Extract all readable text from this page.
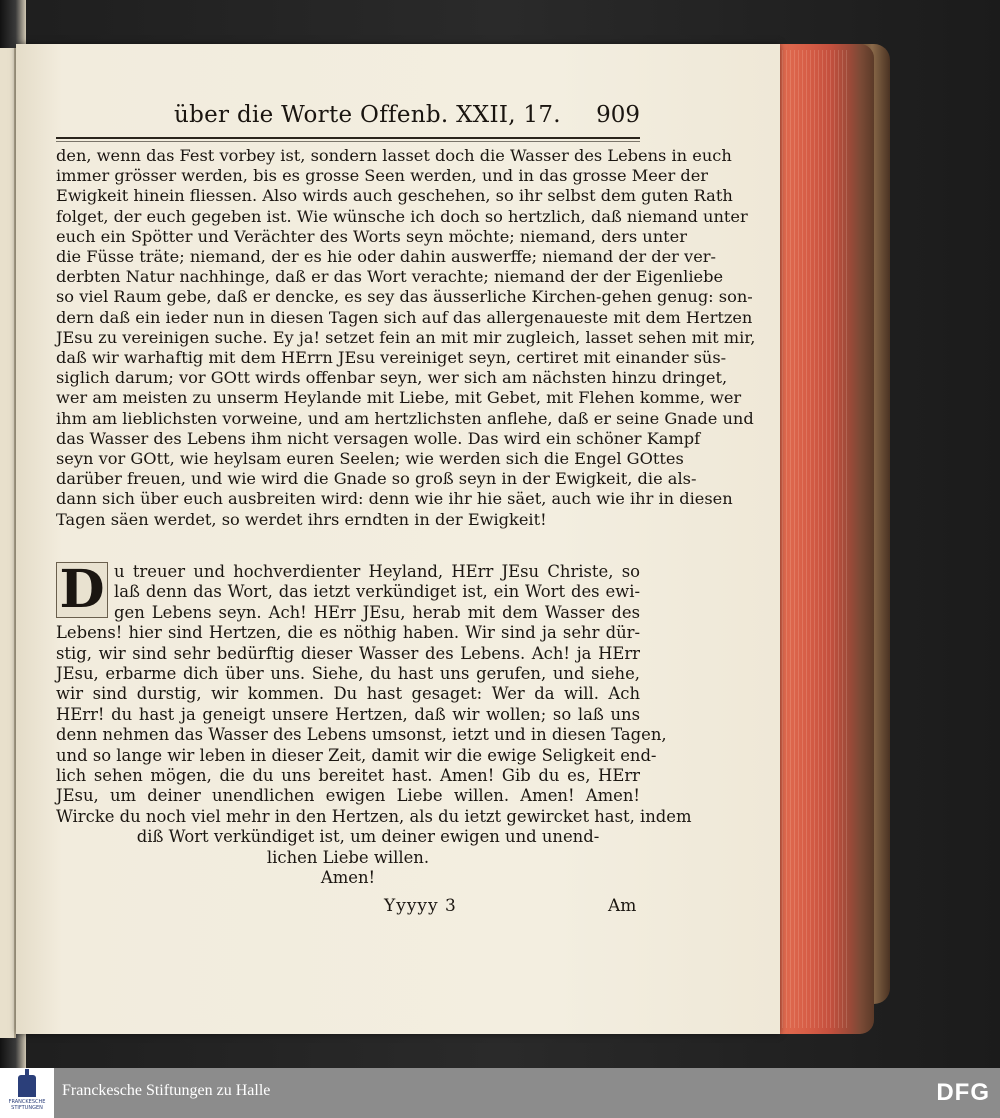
über die Worte Offenb. XXII, 17. 909
den, wenn das Fest vorbey ist, sondern lasset doch die Wasser des Lebens in euch
immer grösser werden, bis es grosse Seen werden, und in das grosse Meer der
Ewigkeit hinein fliessen. Also wirds auch geschehen, so ihr selbst dem guten Rath
folget, der euch gegeben ist. Wie wünsche ich doch so hertzlich, daß niemand unter
euch ein Spötter und Verächter des Worts seyn möchte; niemand, ders unter
die Füsse träte; niemand, der es hie oder dahin auswerffe; niemand der der ver-
derbten Natur nachhinge, daß er das Wort verachte; niemand der der Eigenliebe
so viel Raum gebe, daß er dencke, es sey das äusserliche Kirchen-gehen genug: son-
dern daß ein ieder nun in diesen Tagen sich auf das allergenaueste mit dem Hertzen
JEsu zu vereinigen suche. Ey ja! setzet fein an mit mir zugleich, lasset sehen mit mir,
daß wir warhaftig mit dem HErrn JEsu vereiniget seyn, certiret mit einander süs-
siglich darum; vor GOtt wirds offenbar seyn, wer sich am nächsten hinzu dringet,
wer am meisten zu unserm Heylande mit Liebe, mit Gebet, mit Flehen komme, wer
ihm am lieblichsten vorweine, und am hertzlichsten anflehe, daß er seine Gnade und
das Wasser des Lebens ihm nicht versagen wolle. Das wird ein schöner Kampf
seyn vor GOtt, wie heylsam euren Seelen; wie werden sich die Engel GOttes
darüber freuen, und wie wird die Gnade so groß seyn in der Ewigkeit, die als-
dann sich über euch ausbreiten wird: denn wie ihr hie säet, auch wie ihr in diesen
Tagen säen werdet, so werdet ihrs erndten in der Ewigkeit!
D u treuer und hochverdienter Heyland, HErr JEsu Christe, so
laß denn das Wort, das ietzt verkündiget ist, ein Wort des ewi-
gen Lebens seyn. Ach! HErr JEsu, herab mit dem Wasser des
Lebens! hier sind Hertzen, die es nöthig haben. Wir sind ja sehr dür-
stig, wir sind sehr bedürftig dieser Wasser des Lebens. Ach! ja HErr
JEsu, erbarme dich über uns. Siehe, du hast uns gerufen, und siehe,
wir sind durstig, wir kommen. Du hast gesaget: Wer da will. Ach
HErr! du hast ja geneigt unsere Hertzen, daß wir wollen; so laß uns
denn nehmen das Wasser des Lebens umsonst, ietzt und in diesen Tagen,
und so lange wir leben in dieser Zeit, damit wir die ewige Seligkeit end-
lich sehen mögen, die du uns bereitet hast. Amen! Gib du es, HErr
JEsu, um deiner unendlichen ewigen Liebe willen. Amen! Amen!
Wircke du noch viel mehr in den Hertzen, als du ietzt gewircket hast, indem
diß Wort verkündiget ist, um deiner ewigen und unend-
lichen Liebe willen.
Amen!
Yyyyy 3	Am
FRANCKESCHE STIFTUNGEN
Franckesche Stiftungen zu Halle	DFG
